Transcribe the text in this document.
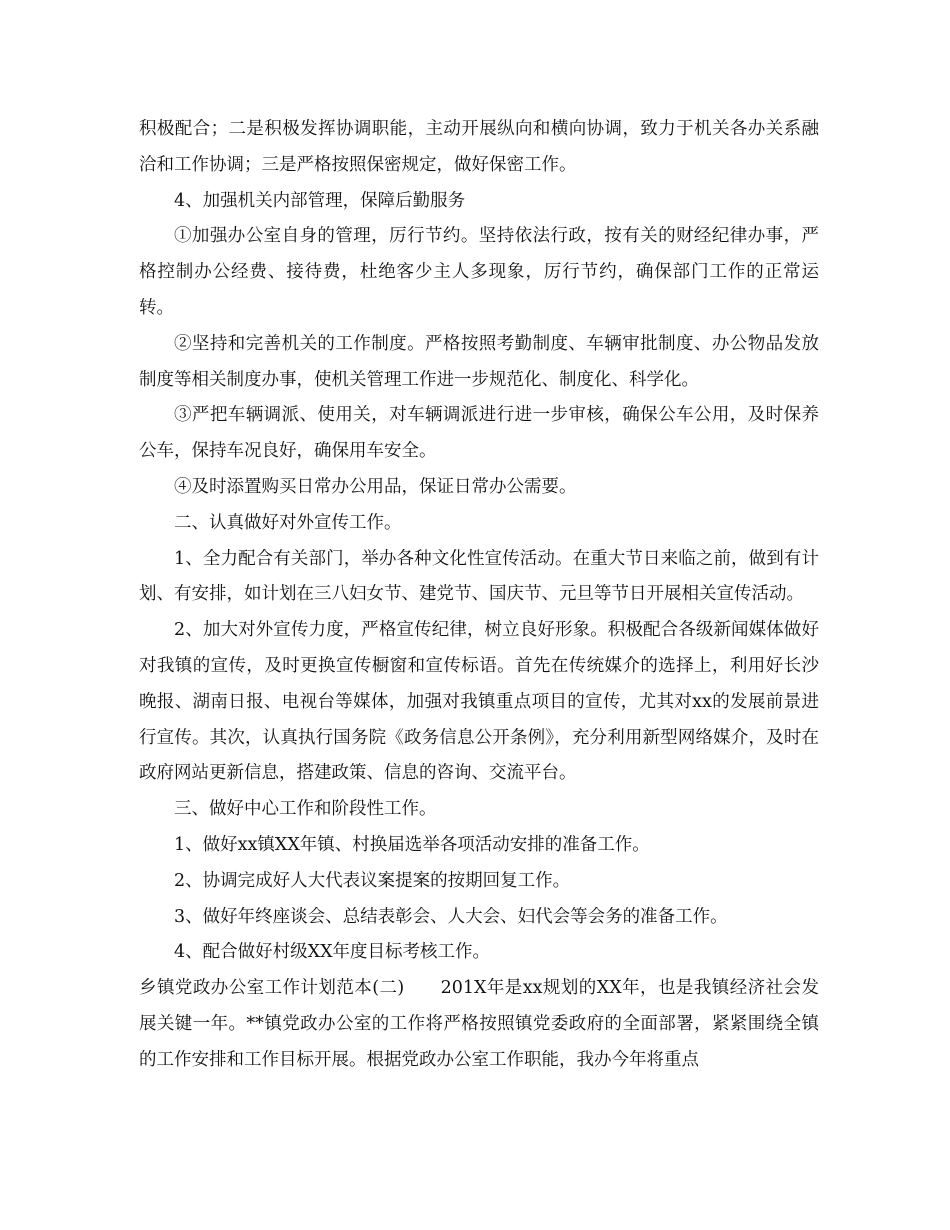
积极配合；二是积极发挥协调职能，主动开展纵向和横向协调，致力于机关各办关系融洽和工作协调；三是严格按照保密规定，做好保密工作。

4、加强机关内部管理，保障后勤服务

①加强办公室自身的管理，厉行节约。坚持依法行政，按有关的财经纪律办事，严格控制办公经费、接待费，杜绝客少主人多现象，厉行节约，确保部门工作的正常运转。

②坚持和完善机关的工作制度。严格按照考勤制度、车辆审批制度、办公物品发放制度等相关制度办事，使机关管理工作进一步规范化、制度化、科学化。

③严把车辆调派、使用关，对车辆调派进行进一步审核，确保公车公用，及时保养公车，保持车况良好，确保用车安全。

④及时添置购买日常办公用品，保证日常办公需要。

二、认真做好对外宣传工作。

1、全力配合有关部门，举办各种文化性宣传活动。在重大节日来临之前，做到有计划、有安排，如计划在三八妇女节、建党节、国庆节、元旦等节日开展相关宣传活动。

2、加大对外宣传力度，严格宣传纪律，树立良好形象。积极配合各级新闻媒体做好对我镇的宣传，及时更换宣传橱窗和宣传标语。首先在传统媒介的选择上，利用好长沙晚报、湖南日报、电视台等媒体，加强对我镇重点项目的宣传，尤其对xx的发展前景进行宣传。其次，认真执行国务院《政务信息公开条例》，充分利用新型网络媒介，及时在政府网站更新信息，搭建政策、信息的咨询、交流平台。

三、做好中心工作和阶段性工作。

1、做好xx镇XX年镇、村换届选举各项活动安排的准备工作。

2、协调完成好人大代表议案提案的按期回复工作。

3、做好年终座谈会、总结表彰会、人大会、妇代会等会务的准备工作。

4、配合做好村级XX年度目标考核工作。

乡镇党政办公室工作计划范本(二)　　201X年是xx规划的XX年，也是我镇经济社会发展关键一年。**镇党政办公室的工作将严格按照镇党委政府的全面部署，紧紧围绕全镇的工作安排和工作目标开展。根据党政办公室工作职能，我办今年将重点
